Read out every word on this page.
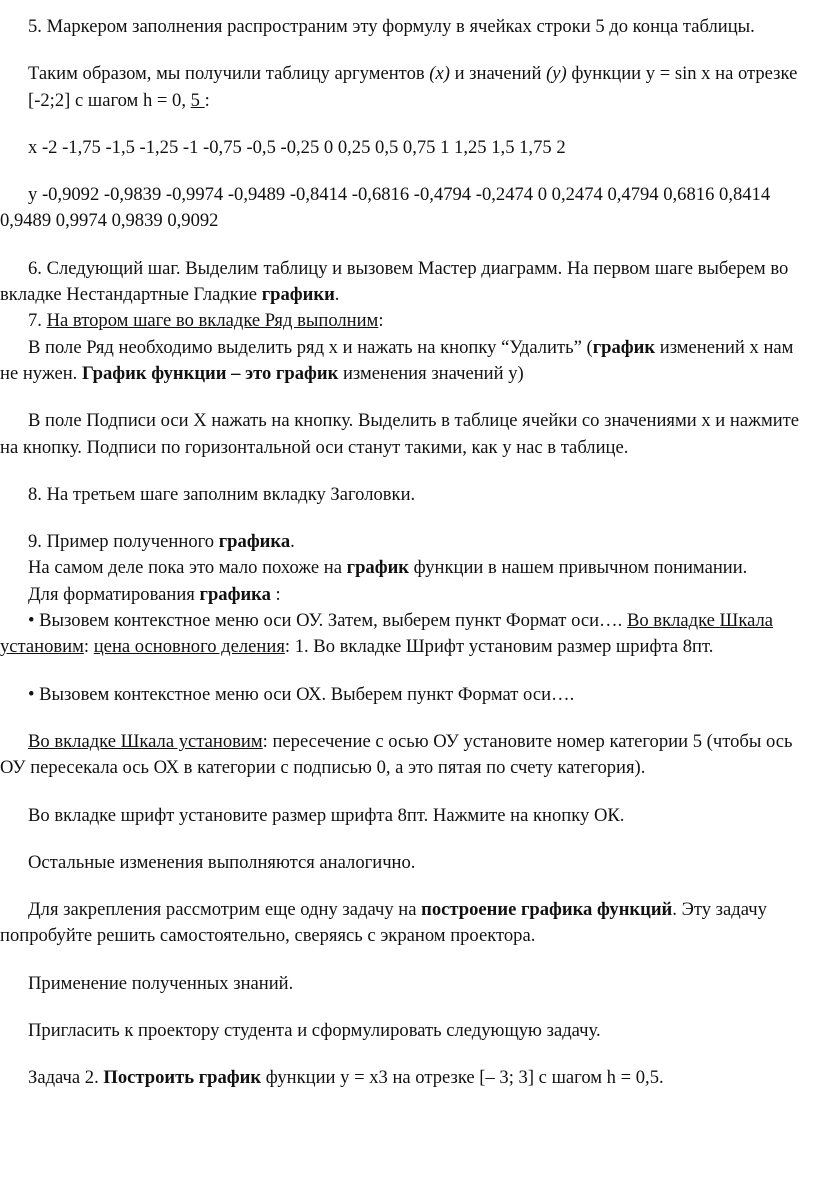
5. Маркером заполнения распространим эту формулу в ячейках строки 5 до конца таблицы.

Таким образом, мы получили таблицу аргументов (x) и значений (y) функции y = sin x на отрезке

[-2;2] с шагом h = 0, 5 :

x -2 -1,75 -1,5 -1,25 -1 -0,75 -0,5 -0,25 0 0,25 0,5 0,75 1 1,25 1,5 1,75 2

y -0,9092 -0,9839 -0,9974 -0,9489 -0,8414 -0,6816 -0,4794 -0,2474 0 0,2474 0,4794 0,6816 0,8414 0,9489 0,9974 0,9839 0,9092

6. Следующий шаг. Выделим таблицу и вызовем Мастер диаграмм. На первом шаге выберем во вкладке Нестандартные Гладкие графики.

7. На втором шаге во вкладке Ряд выполним:

В поле Ряд необходимо выделить ряд x и нажать на кнопку “Удалить” (график изменений x нам не нужен. График функции – это график изменения значений y)

В поле Подписи оси X нажать на кнопку. Выделить в таблице ячейки со значениями x и нажмите на кнопку. Подписи по горизонтальной оси станут такими, как у нас в таблице.

8. На третьем шаге заполним вкладку Заголовки.

9. Пример полученного графика.

На самом деле пока это мало похоже на график функции в нашем привычном понимании.

Для форматирования графика :

• Вызовем контекстное меню оси ОУ. Затем, выберем пункт Формат оси…. Во вкладке Шкала установим: цена основного деления: 1. Во вкладке Шрифт установим размер шрифта 8пт.

• Вызовем контекстное меню оси ОХ. Выберем пункт Формат оси….

Во вкладке Шкала установим: пересечение с осью ОУ установите номер категории 5 (чтобы ось ОУ пересекала ось ОХ в категории с подписью 0, а это пятая по счету категория).

Во вкладке шрифт установите размер шрифта 8пт. Нажмите на кнопку ОК.

Остальные изменения выполняются аналогично.

Для закрепления рассмотрим еще одну задачу на построение графика функций. Эту задачу попробуйте решить самостоятельно, сверяясь с экраном проектора.

Применение полученных знаний.

Пригласить к проектору студента и сформулировать следующую задачу.

Задача 2. Построить график функции y = x3 на отрезке [– 3; 3] с шагом h = 0,5.
